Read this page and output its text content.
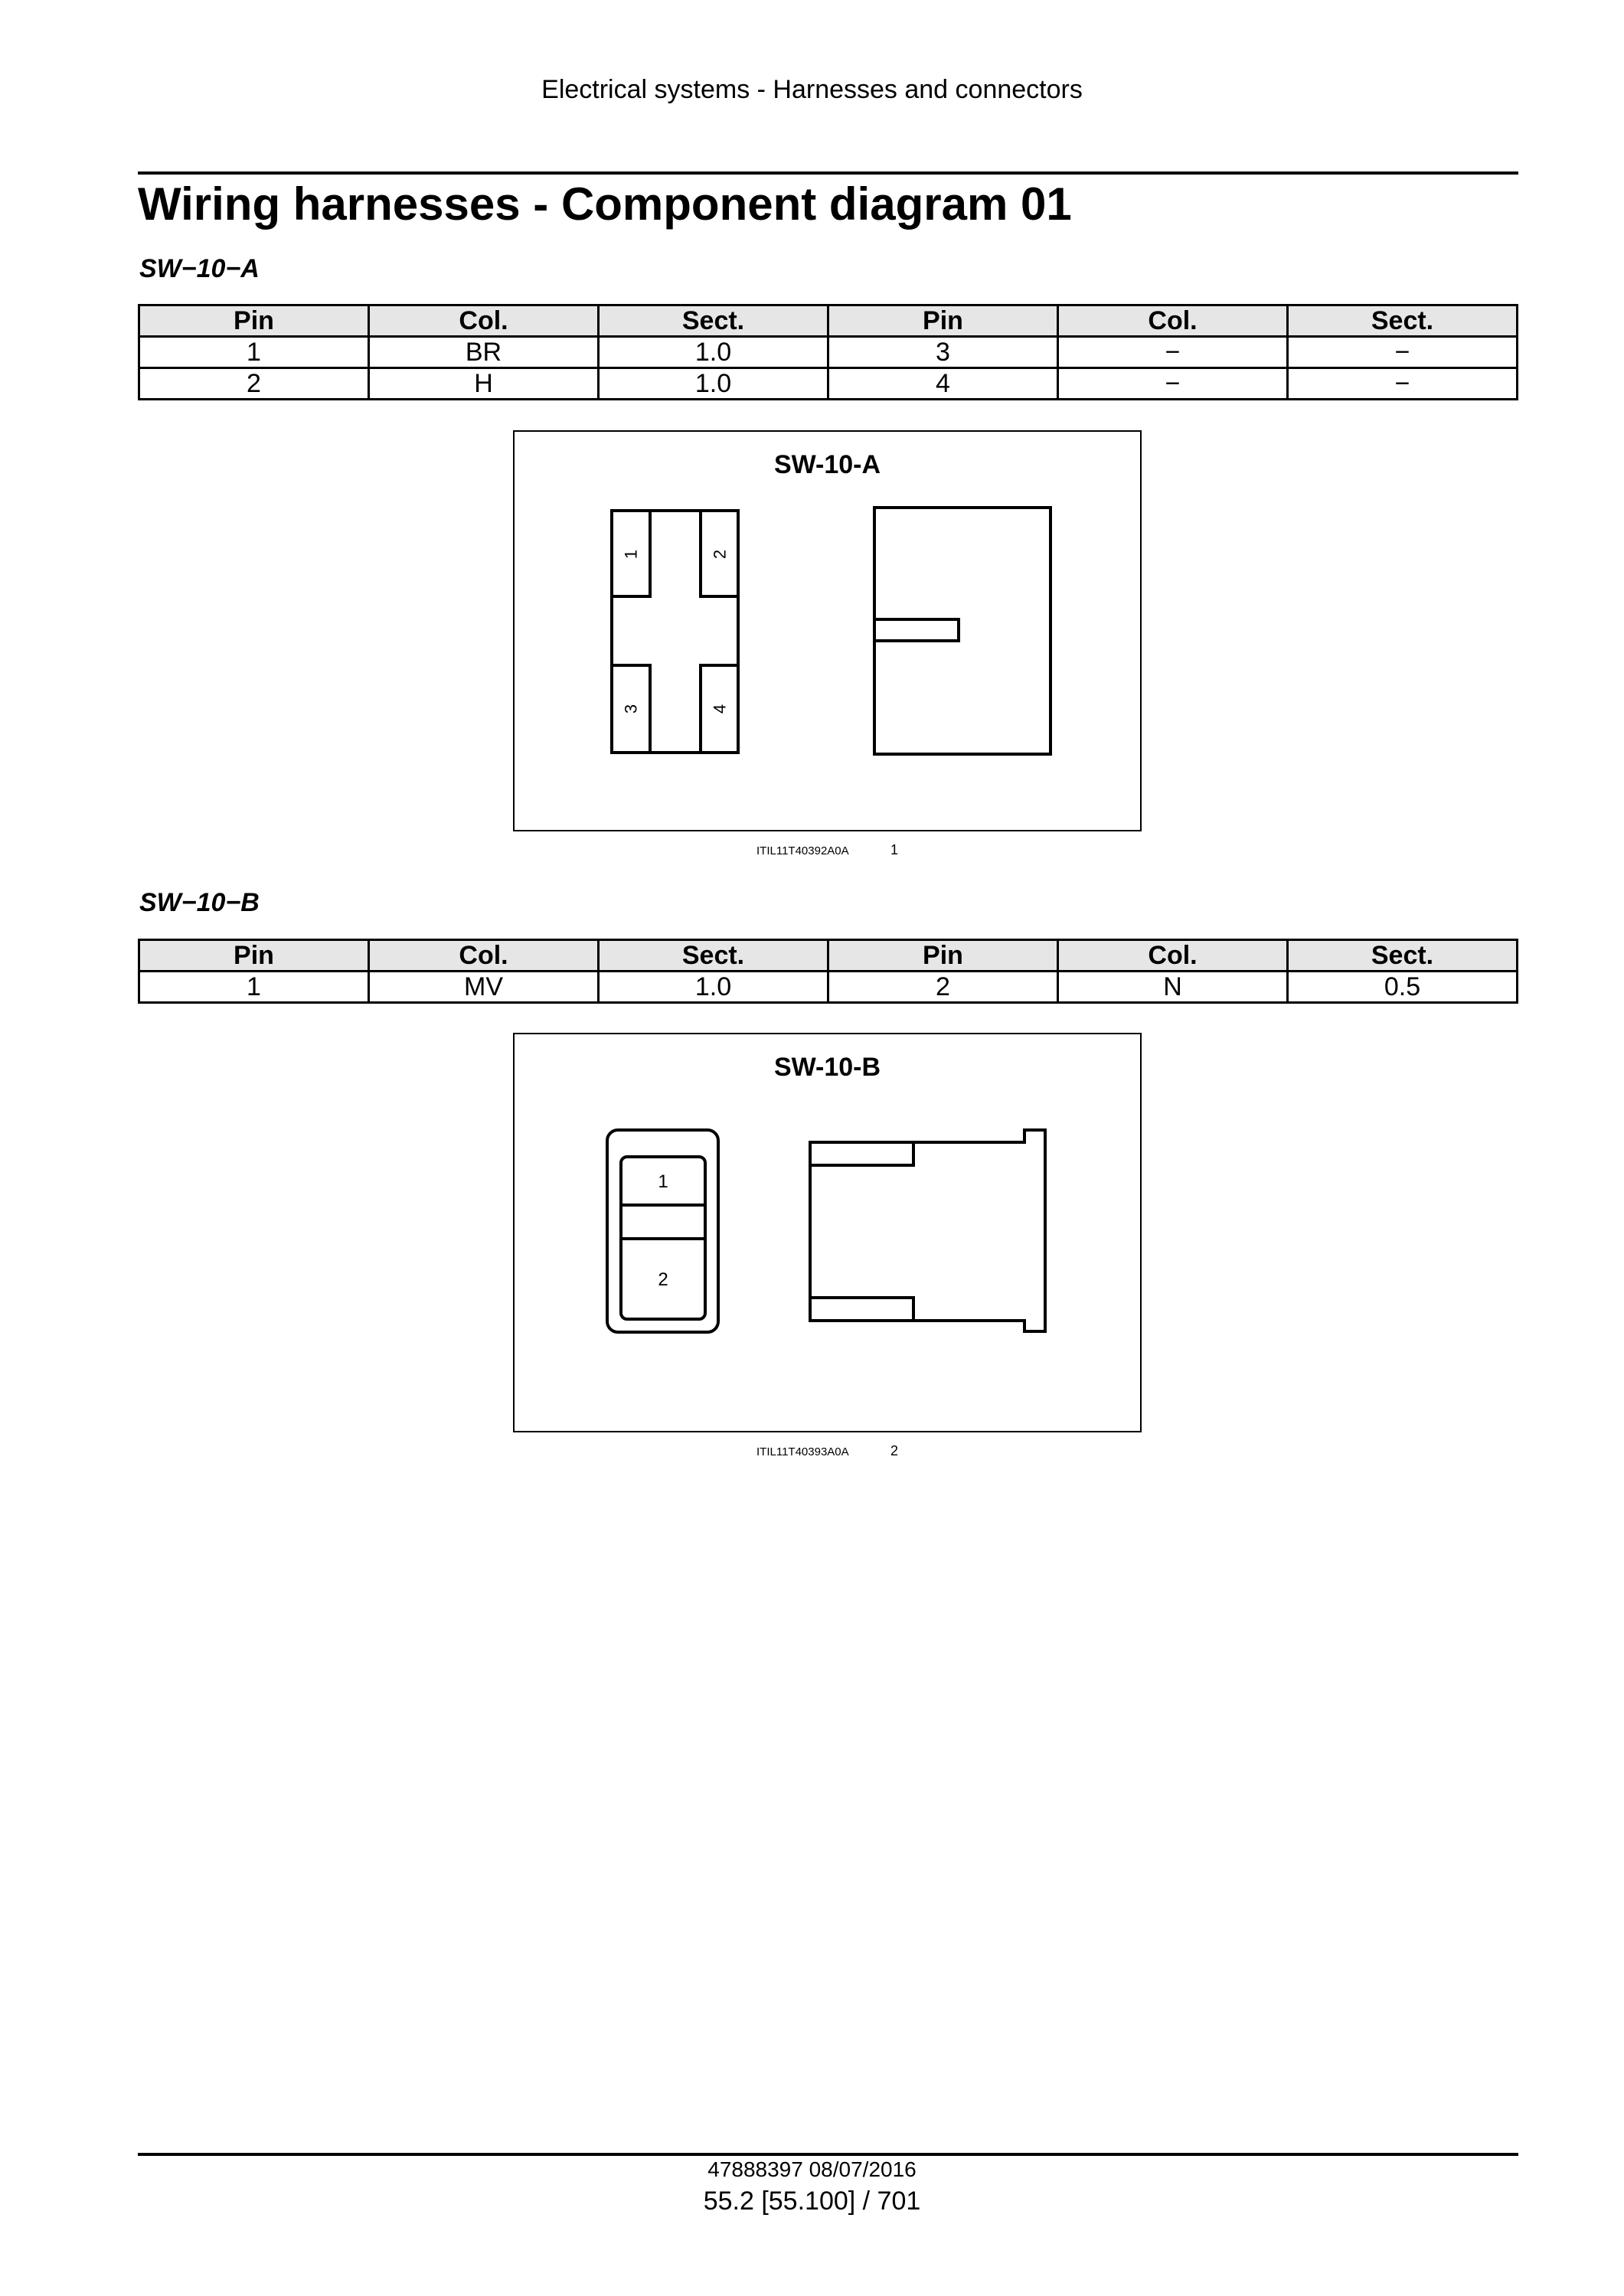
Electrical systems - Harnesses and connectors
Wiring harnesses - Component diagram 01
SW−10−A
Pin	Col.	Sect.	Pin	Col.	Sect.
1	BR	1.0	3	−	−
2	H	1.0	4	−	−
SW-10-A
1	2
3	4
ITIL11T40392A0A	1
SW−10−B
Pin	Col.	Sect.	Pin	Col.	Sect.
1	MV	1.0	2	N	0.5
SW-10-B
1
2
ITIL11T40393A0A	2
47888397 08/07/2016
55.2 [55.100] / 701
